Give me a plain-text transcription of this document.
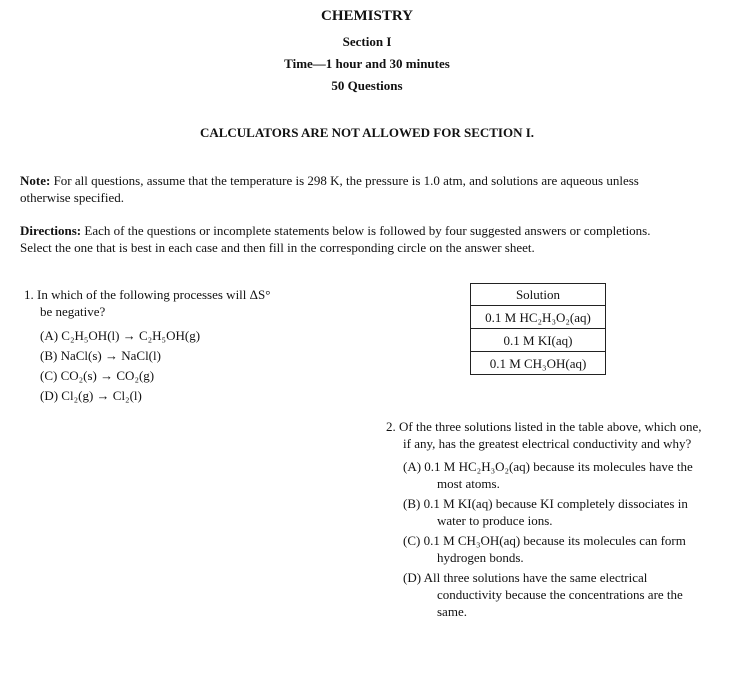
CHEMISTRY
Section I
Time—1 hour and 30 minutes
50 Questions
CALCULATORS ARE NOT ALLOWED FOR SECTION I.
Note: For all questions, assume that the temperature is 298 K, the pressure is 1.0 atm, and solutions are aqueous unless otherwise specified.
Directions: Each of the questions or incomplete statements below is followed by four suggested answers or completions. Select the one that is best in each case and then fill in the corresponding circle on the answer sheet.
1. In which of the following processes will ΔS°
be negative?
(A) C₂H₅OH(l) → C₂H₅OH(g)
(B) NaCl(s) → NaCl(l)
(C) CO₂(s) → CO₂(g)
(D) Cl₂(g) → Cl₂(l)
Solution
0.1 M HC₂H₃O₂(aq)
0.1 M KI(aq)
0.1 M CH₃OH(aq)
2. Of the three solutions listed in the table above, which one, if any, has the greatest electrical conductivity and why?
(A) 0.1 M HC₂H₃O₂(aq) because its molecules have the most atoms.
(B) 0.1 M KI(aq) because KI completely dissociates in water to produce ions.
(C) 0.1 M CH₃OH(aq) because its molecules can form hydrogen bonds.
(D) All three solutions have the same electrical conductivity because the concentrations are the same.
